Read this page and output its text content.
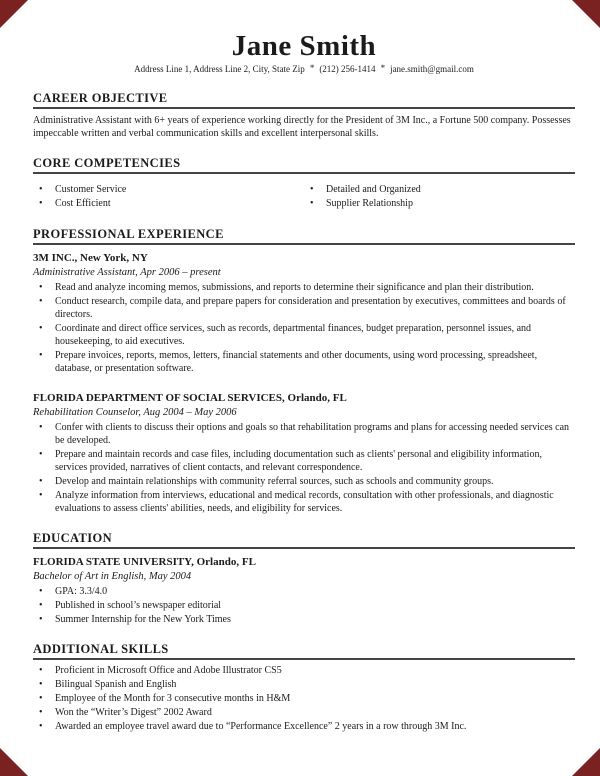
Jane Smith
Address Line 1, Address Line 2, City, State Zip * (212) 256-1414 * jane.smith@gmail.com
CAREER OBJECTIVE

Administrative Assistant with 6+ years of experience working directly for the President of 3M Inc., a Fortune 500 company. Possesses impeccable written and verbal communication skills and excellent interpersonal skills.

CORE COMPETENCIES
• Customer Service
• Cost Efficient
• Detailed and Organized
• Supplier Relationship
PROFESSIONAL EXPERIENCE
3M INC., New York, NY
Administrative Assistant, Apr 2006 – present
• Read and analyze incoming memos, submissions, and reports to determine their significance and plan their distribution.
• Conduct research, compile data, and prepare papers for consideration and presentation by executives, committees and boards of directors.
• Coordinate and direct office services, such as records, departmental finances, budget preparation, personnel issues, and housekeeping, to aid executives.
• Prepare invoices, reports, memos, letters, financial statements and other documents, using word processing, spreadsheet, database, or presentation software.
FLORIDA DEPARTMENT OF SOCIAL SERVICES, Orlando, FL
Rehabilitation Counselor, Aug 2004 – May 2006
• Confer with clients to discuss their options and goals so that rehabilitation programs and plans for accessing needed services can be developed.
• Prepare and maintain records and case files, including documentation such as clients' personal and eligibility information, services provided, narratives of client contacts, and relevant correspondence.
• Develop and maintain relationships with community referral sources, such as schools and community groups.
• Analyze information from interviews, educational and medical records, consultation with other professionals, and diagnostic evaluations to assess clients' abilities, needs, and eligibility for services.
EDUCATION
FLORIDA STATE UNIVERSITY, Orlando, FL
Bachelor of Art in English, May 2004
• GPA: 3.3/4.0
• Published in school’s newspaper editorial
• Summer Internship for the New York Times
ADDITIONAL SKILLS
• Proficient in Microsoft Office and Adobe Illustrator CS5
• Bilingual Spanish and English
• Employee of the Month for 3 consecutive months in H&M
• Won the “Writer’s Digest” 2002 Award
• Awarded an employee travel award due to “Performance Excellence” 2 years in a row through 3M Inc.
